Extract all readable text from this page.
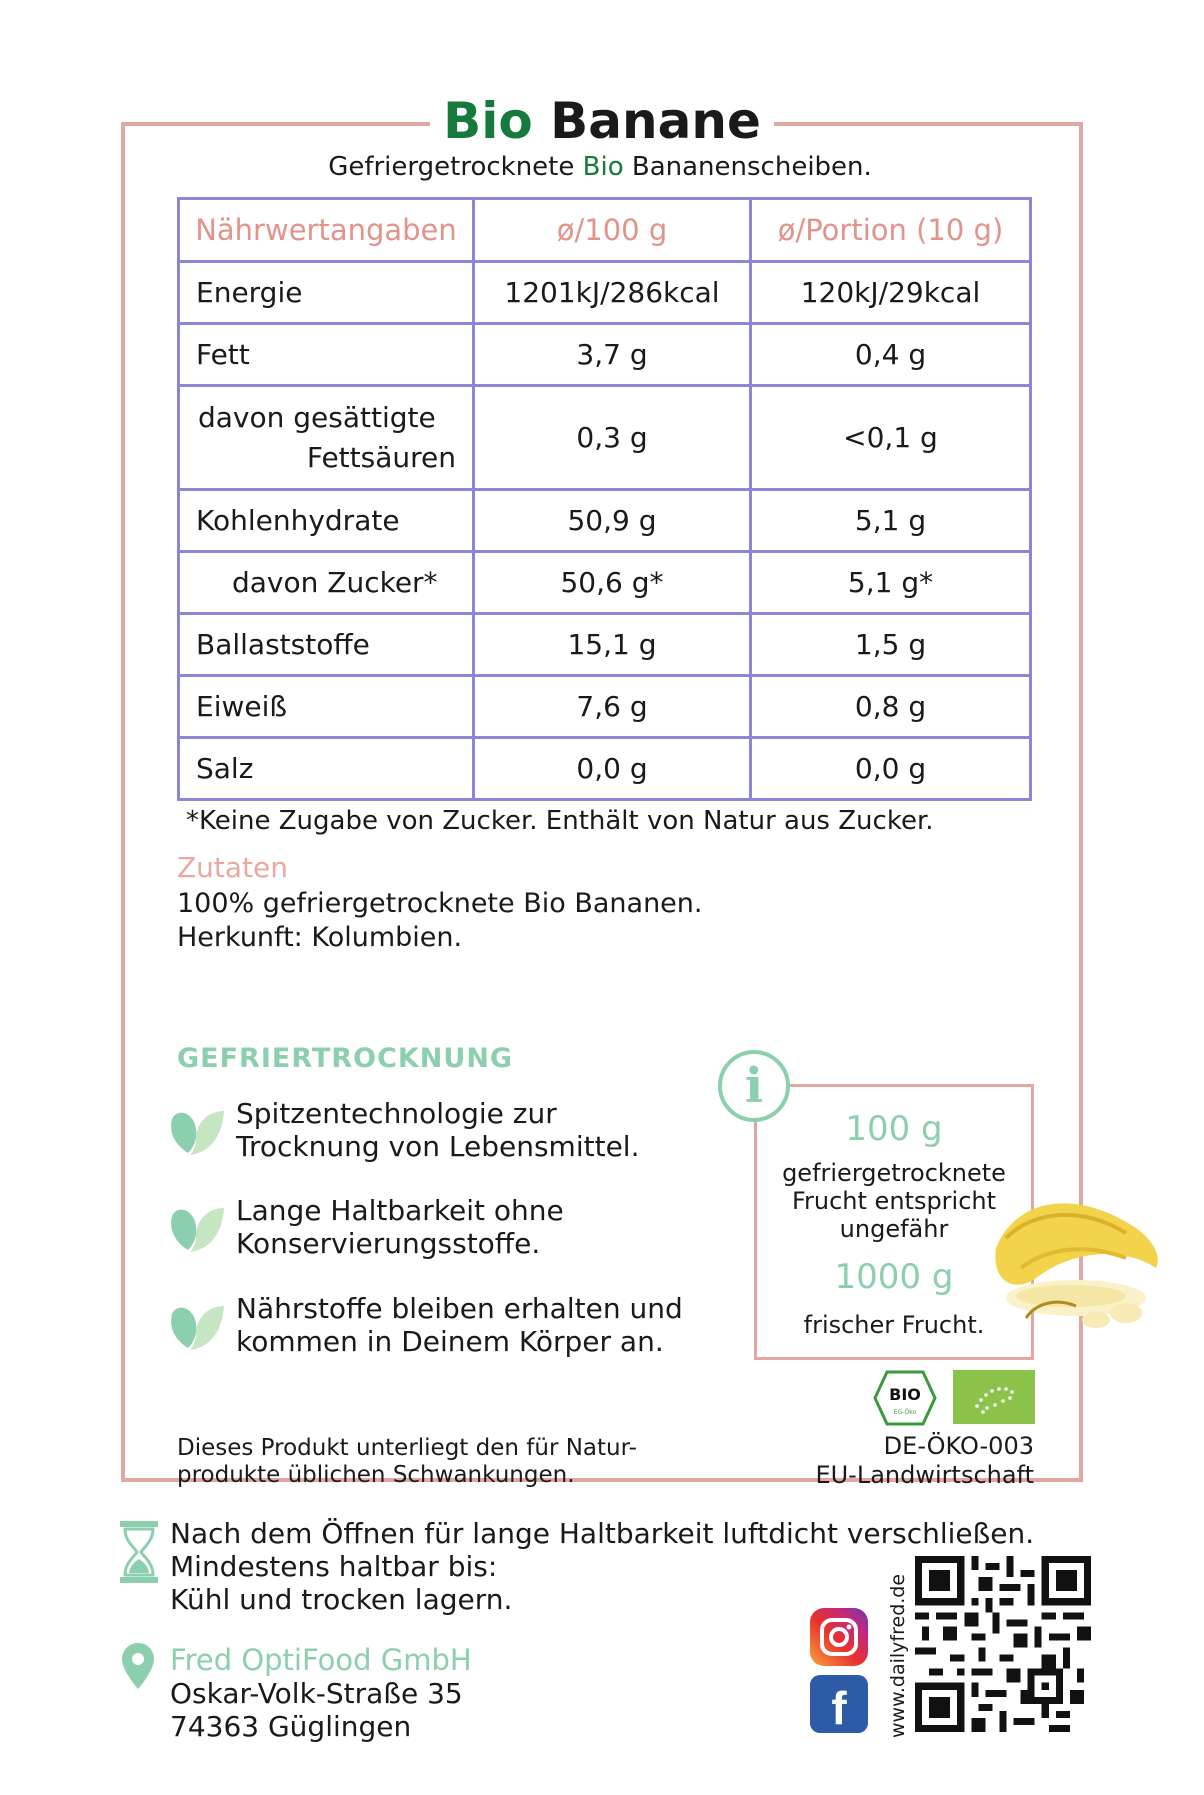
Bio Banane
Gefriergetrocknete Bio Bananenscheiben.
Nährwertangaben	ø/100 g	ø/Portion (10 g)
Energie	1201kJ/286kcal	120kJ/29kcal
Fett	3,7 g	0,4 g

davon gesättigte
Fettsäuren	0,3 g	<0,1 g
Kohlenhydrate	50,9 g	5,1 g
davon Zucker*	50,6 g*	5,1 g*
Ballaststoffe	15,1 g	1,5 g
Eiweiß	7,6 g	0,8 g
Salz	0,0 g	0,0 g
*Keine Zugabe von Zucker. Enthält von Natur aus Zucker.
Zutaten
100% gefriergetrocknete Bio Bananen.
Herkunft: Kolumbien.
GEFRIERTROCKNUNG
Spitzentechnologie zur
Trocknung von Lebensmittel.
Lange Haltbarkeit ohne
Konservierungsstoffe.
Nährstoffe bleiben erhalten und
kommen in Deinem Körper an.
100 g
gefriergetrocknete
Frucht entspricht
ungefähr
1000 g
frischer Frucht.
i
BIO
EG-Öko
DE-ÖKO-003
EU-Landwirtschaft
Dieses Produkt unterliegt den für Natur-
produkte üblichen Schwankungen.
Nach dem Öffnen für lange Haltbarkeit luftdicht verschließen.
Mindestens haltbar bis:
Kühl und trocken lagern.
Fred OptiFood GmbH
Oskar-Volk-Straße 35
74363 Güglingen	f	www.dailyfred.de
